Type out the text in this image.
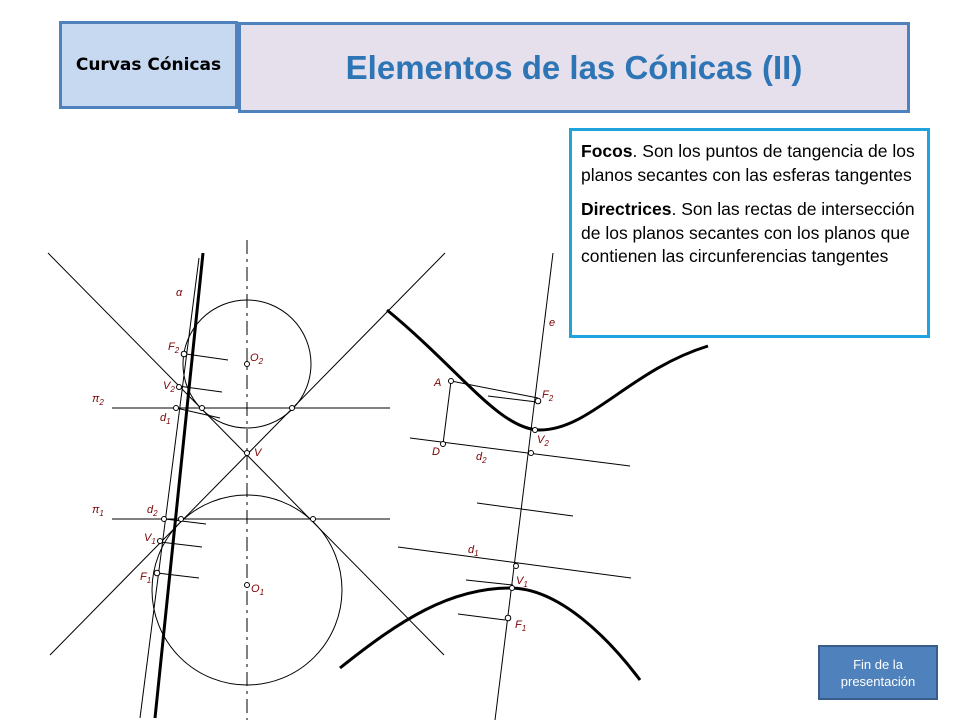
Curvas Cónicas	Elementos de las Cónicas (II)

Focos. Son los puntos de tangencia de los planos secantes con las esferas tangentes

Directrices. Son las rectas de intersección de los planos secantes con los planos que contienen las circunferencias tangentes

α
$F_2$
$O_2$
$V_2$
$\pi_2$
$d_1$
V
$\pi_1$	$d_2$
$V_1$
$F_1$
$O_1$
e
A
$F_2$
$V_2$
D	$d_2$
$d_1$
$V_1$
$F_1$
Fin de la presentación
